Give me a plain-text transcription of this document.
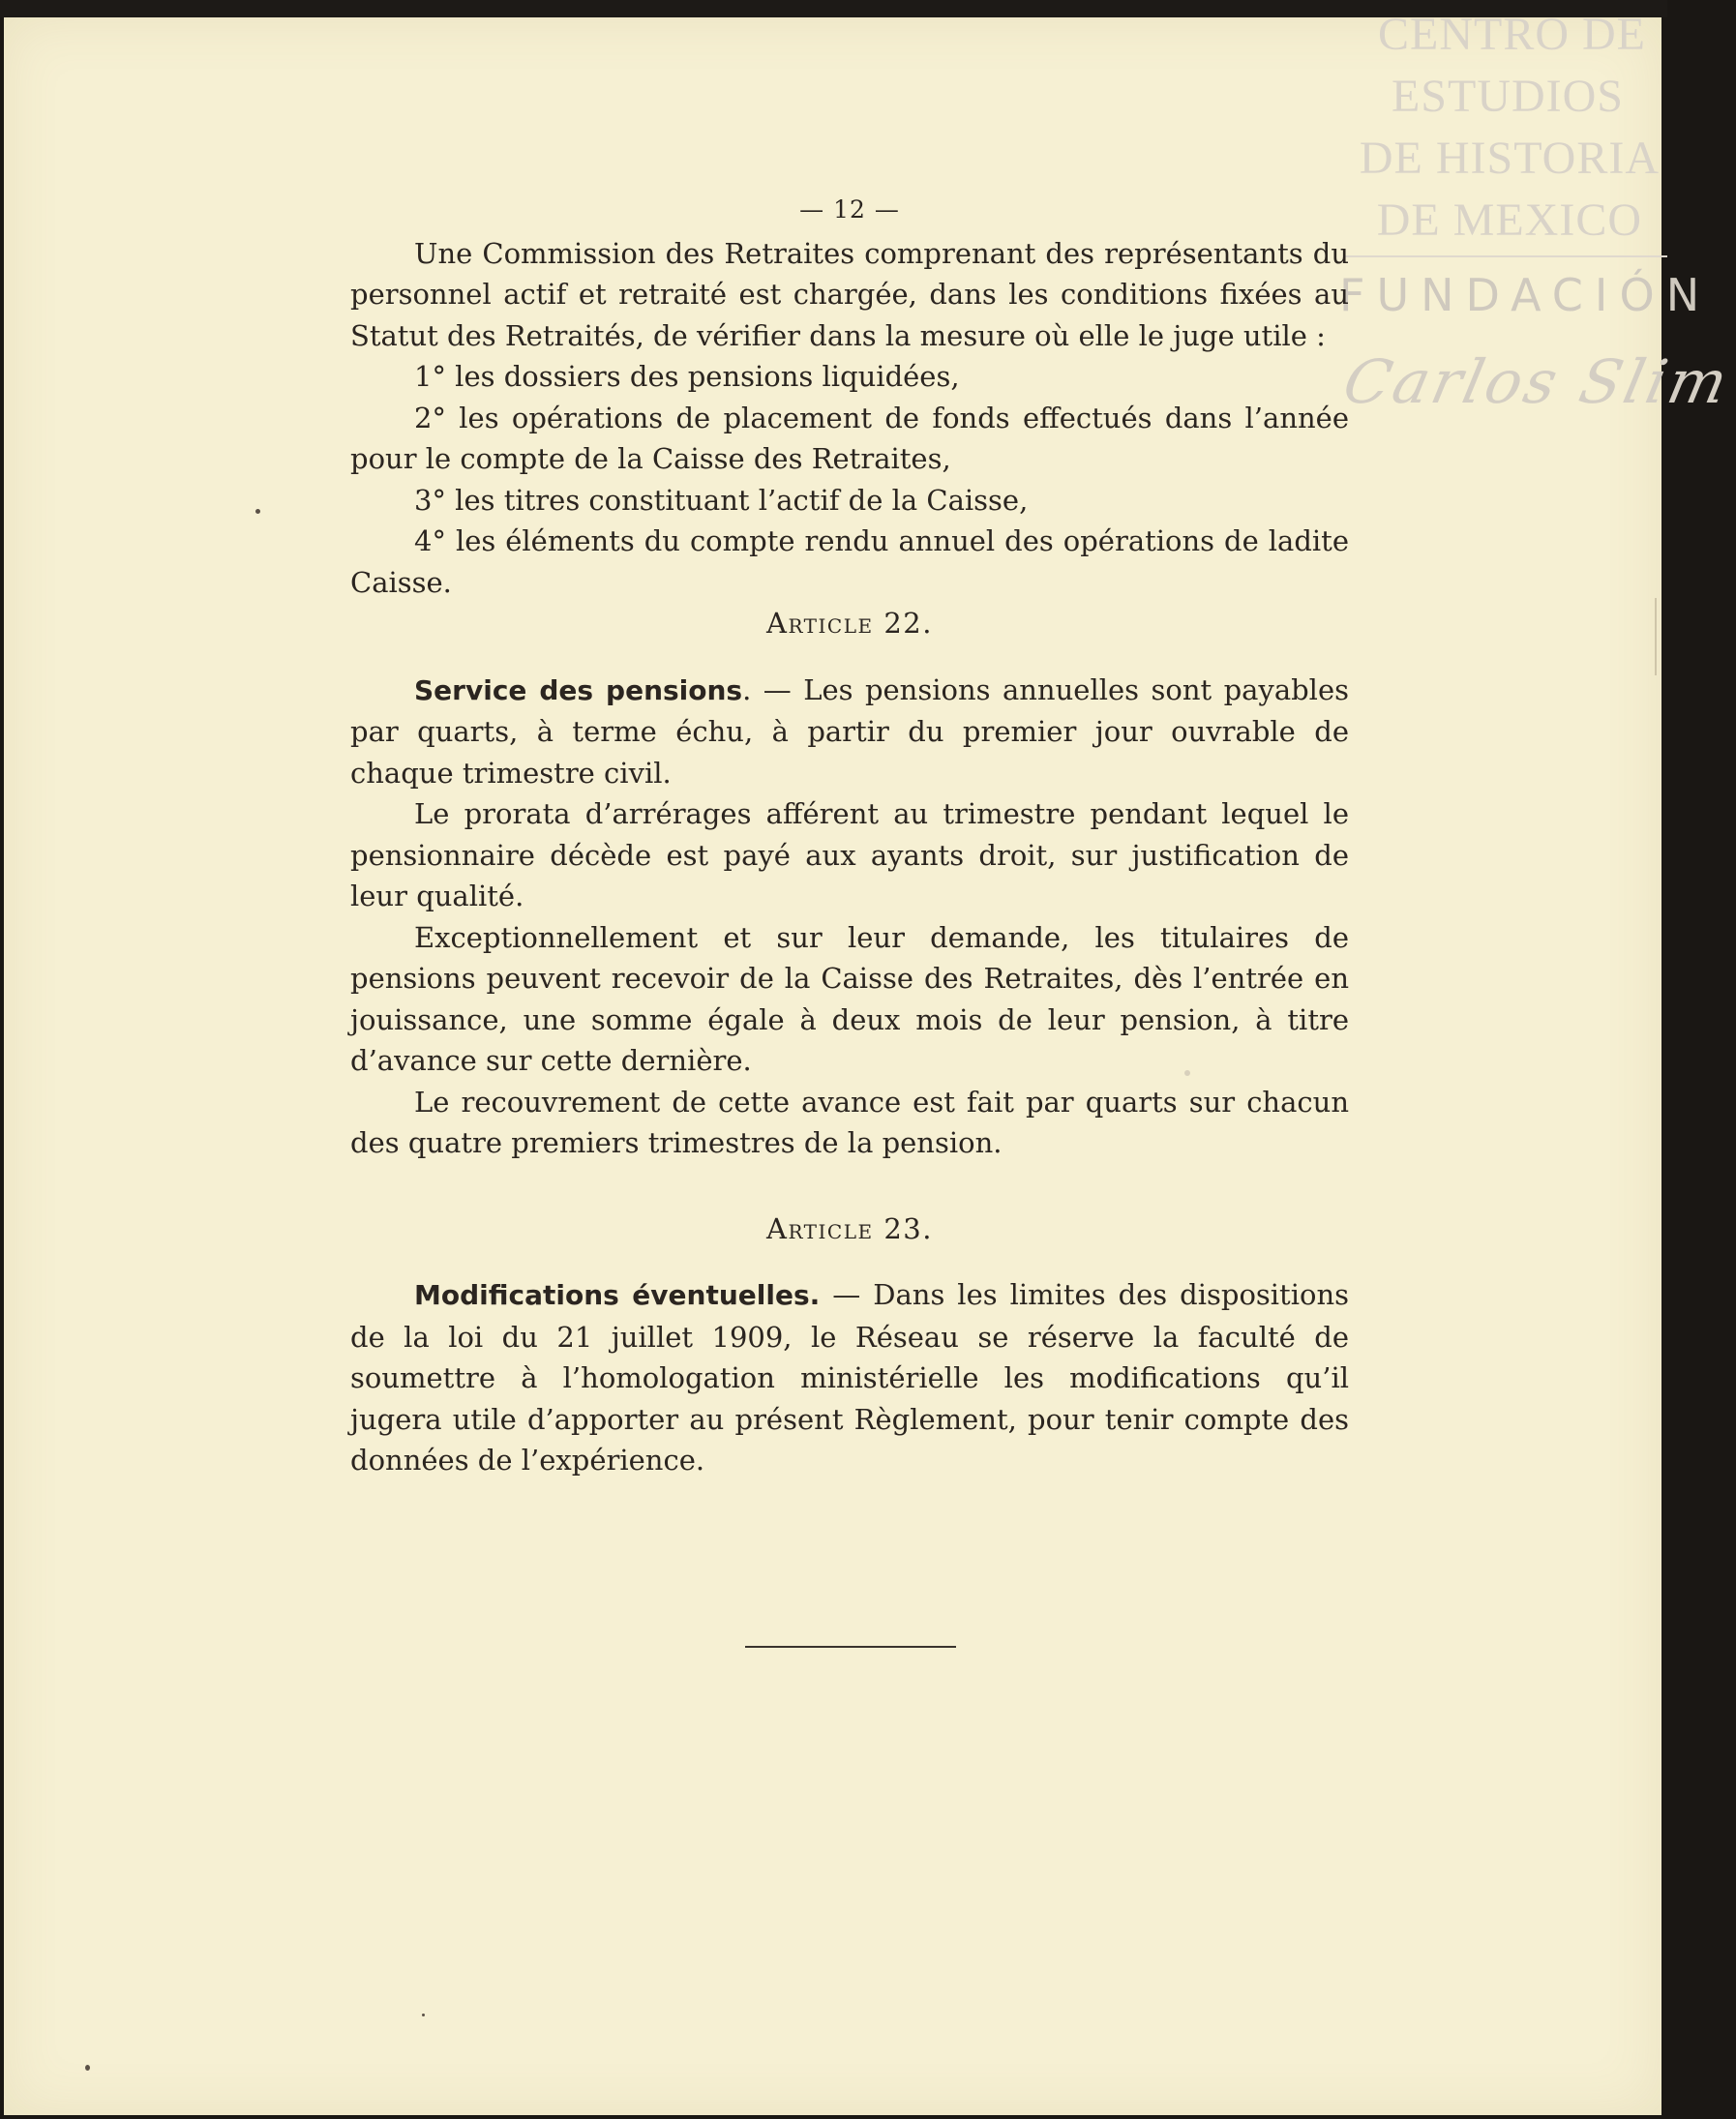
CENTRO DE
ESTUDIOS
DE HISTORIA
DE MEXICO
FUNDACIÓN
Carlos Slim
— 12 —

Une Commission des Retraites comprenant des représentants du personnel actif et retraité est chargée, dans les conditions fixées au Statut des Retraités, de vérifier dans la mesure où elle le juge utile :

1° les dossiers des pensions liquidées,

2° les opérations de placement de fonds effectués dans l’année pour le compte de la Caisse des Retraites,

3° les titres constituant l’actif de la Caisse,

4° les éléments du compte rendu annuel des opérations de ladite Caisse.

Article 22.

Service des pensions. — Les pensions annuelles sont payables par quarts, à terme échu, à partir du premier jour ouvrable de chaque trimestre civil.

Le prorata d’arrérages afférent au trimestre pendant lequel le pensionnaire décède est payé aux ayants droit, sur justification de leur qualité.

Exceptionnellement et sur leur demande, les titulaires de pensions peuvent recevoir de la Caisse des Retraites, dès l’entrée en jouissance, une somme égale à deux mois de leur pension, à titre d’avance sur cette dernière.

Le recouvrement de cette avance est fait par quarts sur chacun des quatre premiers trimestres de la pension.

Article 23.

Modifications éventuelles. — Dans les limites des dispositions de la loi du 21 juillet 1909, le Réseau se réserve la faculté de soumettre à l’homologation ministérielle les modifications qu’il jugera utile d’apporter au présent Règlement, pour tenir compte des données de l’expérience.
